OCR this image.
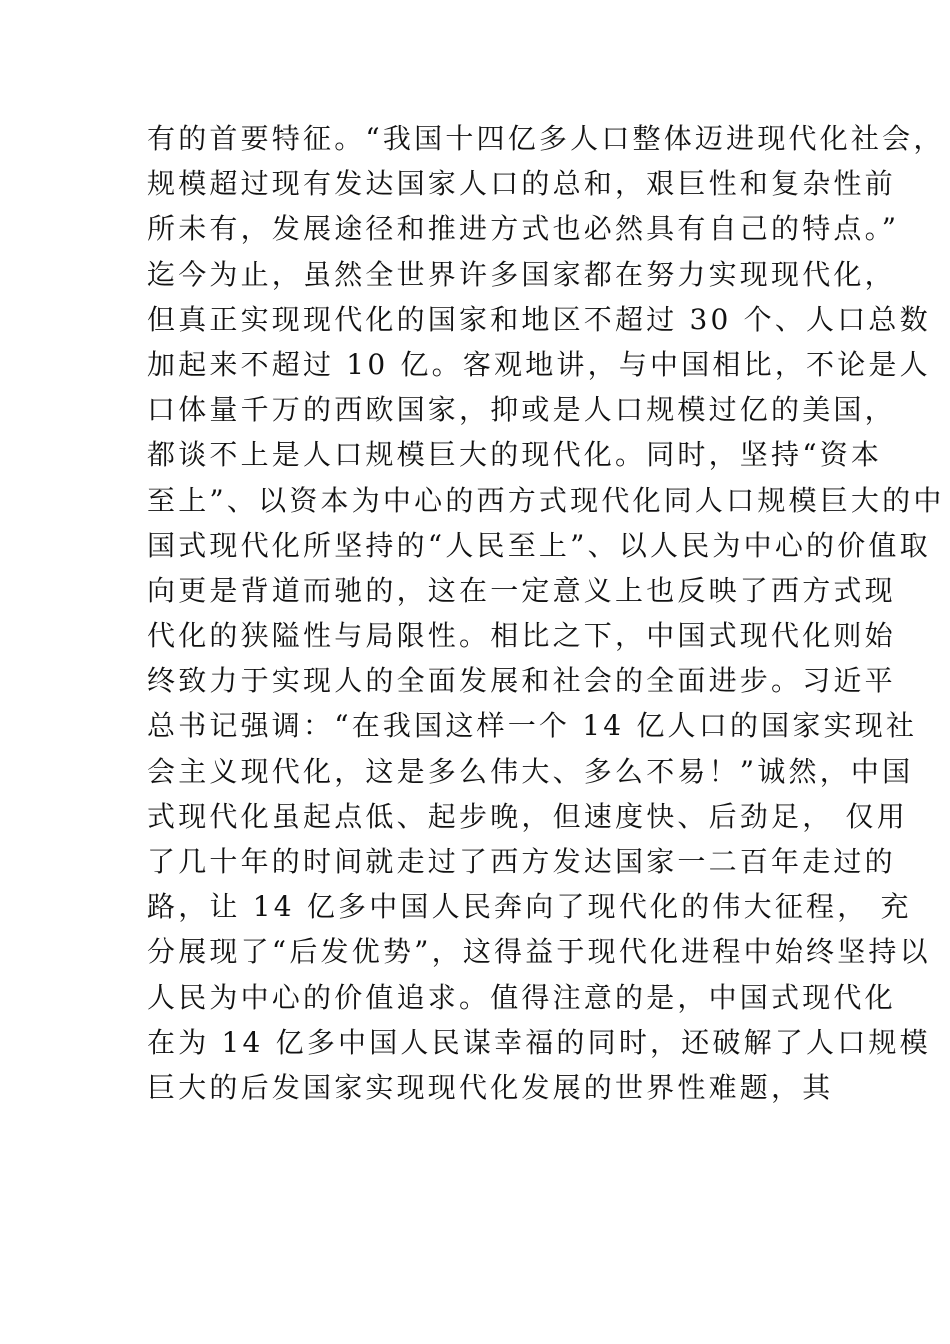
有的首要特征。“我国十四亿多人口整体迈进现代化社会，
规模超过现有发达国家人口的总和，艰巨性和复杂性前
所未有，发展途径和推进方式也必然具有自己的特点。”
迄今为止，虽然全世界许多国家都在努力实现现代化，
但真正实现现代化的国家和地区不超过 30 个、人口总数
加起来不超过 10 亿。客观地讲，与中国相比，不论是人
口体量千万的西欧国家，抑或是人口规模过亿的美国，
都谈不上是人口规模巨大的现代化。同时，坚持“资本
至上”、以资本为中心的西方式现代化同人口规模巨大的中
国式现代化所坚持的“人民至上”、以人民为中心的价值取
向更是背道而驰的，这在一定意义上也反映了西方式现
代化的狭隘性与局限性。相比之下，中国式现代化则始
终致力于实现人的全面发展和社会的全面进步。习近平
总书记强调：“在我国这样一个 14 亿人口的国家实现社
会主义现代化，这是多么伟大、多么不易！”诚然，中国
式现代化虽起点低、起步晚，但速度快、后劲足， 仅用
了几十年的时间就走过了西方发达国家一二百年走过的
路，让 14 亿多中国人民奔向了现代化的伟大征程， 充
分展现了“后发优势”，这得益于现代化进程中始终坚持以
人民为中心的价值追求。值得注意的是，中国式现代化
在为 14 亿多中国人民谋幸福的同时，还破解了人口规模
巨大的后发国家实现现代化发展的世界性难题，其
